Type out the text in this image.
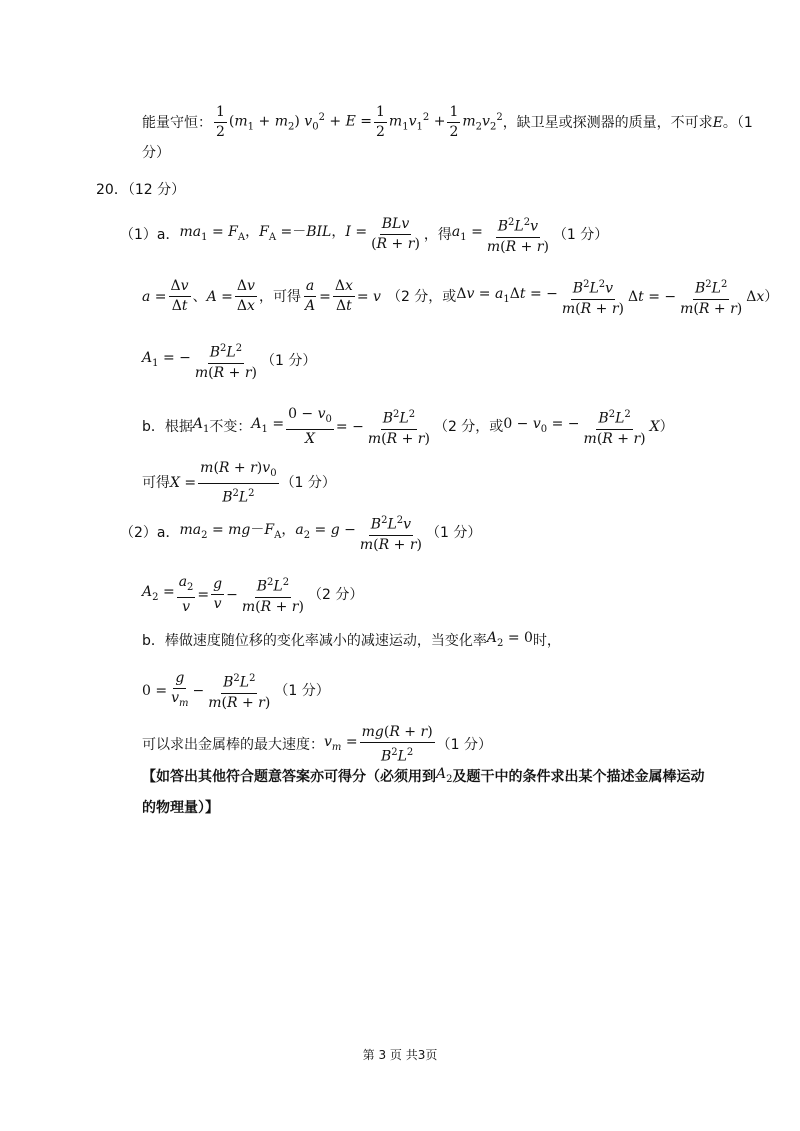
能量守恒： $\frac{1}{2} (m_1 + m_2) v_0^2 + E = \frac{1}{2} m_1v_1^2 + \frac{1}{2} m_2v_2^2$ ，缺卫星或探测器的质量，不可求 E 。（1
分）
20．（12 分）
（1）a． $ma_1 = F_A$，$F_A =-BIL$，$I = \frac{\text{BLv}}{(R + r)}$ ，得 $a_1 = \frac{B^2L^2v}{m(R + r)} (1$ 分）
$a = \frac{\Delta v}{\Delta t}$ 、 $A = \frac{\Delta v}{\Delta x}$ ，可得 $\frac{a}{A} = \frac{\Delta x}{\Delta t} = v$ （2 分，或 $\Delta v = a_1\Delta t$ = − $\frac{B^2L^2v}{m(R + r)}$ Δt = − $\frac{B^2L^2}{m(R + r)}$ Δx ）
$A_1$ = − $\frac{B^2L^2}{m(R + r)} (1$ 分）
b．根据 $A_1$ 不变： $A_1 = \frac{0 - v_0}{X}$ = − $\frac{B^2L^2}{m(R + r)} (2$ 分，或 $0 - v_0$ = − $\frac{B^2L^2}{m(R + r)}$ X ）
可得 $X = \frac{m(R + r)v_0}{B^2L^2} (1$ 分）
（2）a． $ma_2 = mg-F_A$，$a_2 = g - \frac{B^2L^2v}{m(R + r)} (1$ 分）
$A_2 = \frac{a_2}{v} = \frac{g}{v} - \frac{B^2L^2}{m(R + r)} (2$ 分）
b．棒做速度随位移的变化率减小的减速运动，当变化率 $A_2 = 0$ 时，
$0 = \frac{g}{v_m} - \frac{B^2L^2}{m(R + r)} (1$ 分）
可以求出金属棒的最大速度： $v_m = \frac{mg(R + r)}{B^2L^2} (1$ 分）
【如答出其他符合题意答案亦可得分（必须用到 $A_2$ 及题干中的条件求出某个描述金属棒运动
的物理量）】
第 3 页 共3页
